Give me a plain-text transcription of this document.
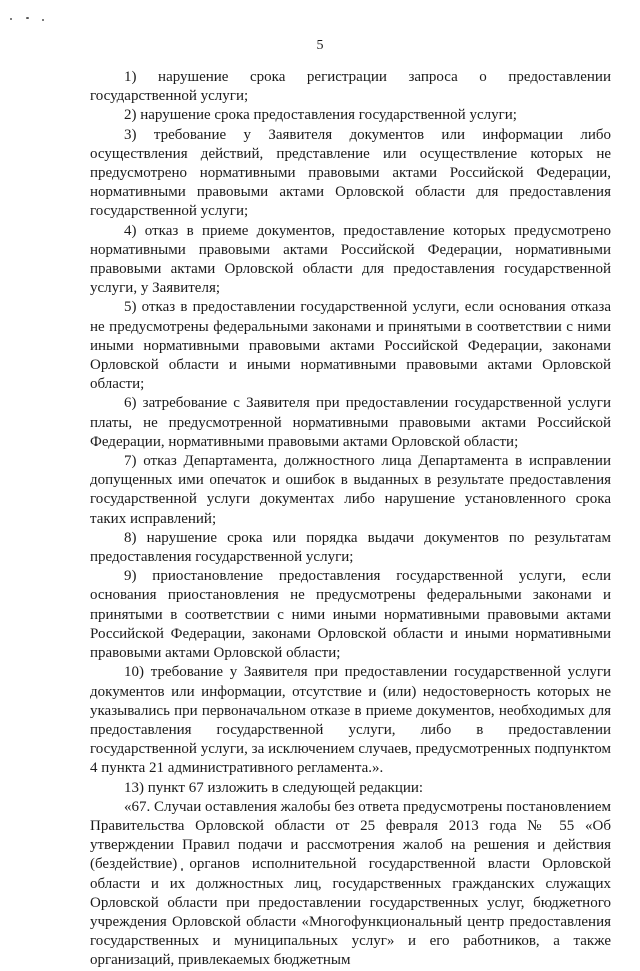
5

1) нарушение срока регистрации запроса о предоставлении государственной услуги;

2) нарушение срока предоставления государственной услуги;

3) требование у Заявителя документов или информации либо осуществления действий, представление или осуществление которых не предусмотрено нормативными правовыми актами Российской Федерации, нормативными правовыми актами Орловской области для предоставления государственной услуги;

4) отказ в приеме документов, предоставление которых предусмотрено нормативными правовыми актами Российской Федерации, нормативными правовыми актами Орловской области для предоставления государственной услуги, у Заявителя;

5) отказ в предоставлении государственной услуги, если основания отказа не предусмотрены федеральными законами и принятыми в соответствии с ними иными нормативными правовыми актами Российской Федерации, законами Орловской области и иными нормативными правовыми актами Орловской области;

6) затребование с Заявителя при предоставлении государственной услуги платы, не предусмотренной нормативными правовыми актами Российской Федерации, нормативными правовыми актами Орловской области;

7) отказ Департамента, должностного лица Департамента в исправлении допущенных ими опечаток и ошибок в выданных в результате предоставления государственной услуги документах либо нарушение установленного срока таких исправлений;

8) нарушение срока или порядка выдачи документов по результатам предоставления государственной услуги;

9) приостановление предоставления государственной услуги, если основания приостановления не предусмотрены федеральными законами и принятыми в соответствии с ними иными нормативными правовыми актами Российской Федерации, законами Орловской области и иными нормативными правовыми актами Орловской области;

10) требование у Заявителя при предоставлении государственной услуги документов или информации, отсутствие и (или) недостоверность которых не указывались при первоначальном отказе в приеме документов, необходимых для предоставления государственной услуги, либо в предоставлении государственной услуги, за исключением случаев, предусмотренных подпунктом 4 пункта 21 административного регламента.».

13) пункт 67 изложить в следующей редакции:

«67. Случаи оставления жалобы без ответа предусмотрены постановлением Правительства Орловской области от 25 февраля 2013 года № 55 «Об утверждении Правил подачи и рассмотрения жалоб на решения и действия (бездействие) органов исполнительной государственной власти Орловской области и их должностных лиц, государственных гражданских служащих Орловской области при предоставлении государственных услуг, бюджетного учреждения Орловской области «Многофункциональный центр предоставления государственных и муниципальных услуг» и его работников, а также организаций, привлекаемых бюджетным
